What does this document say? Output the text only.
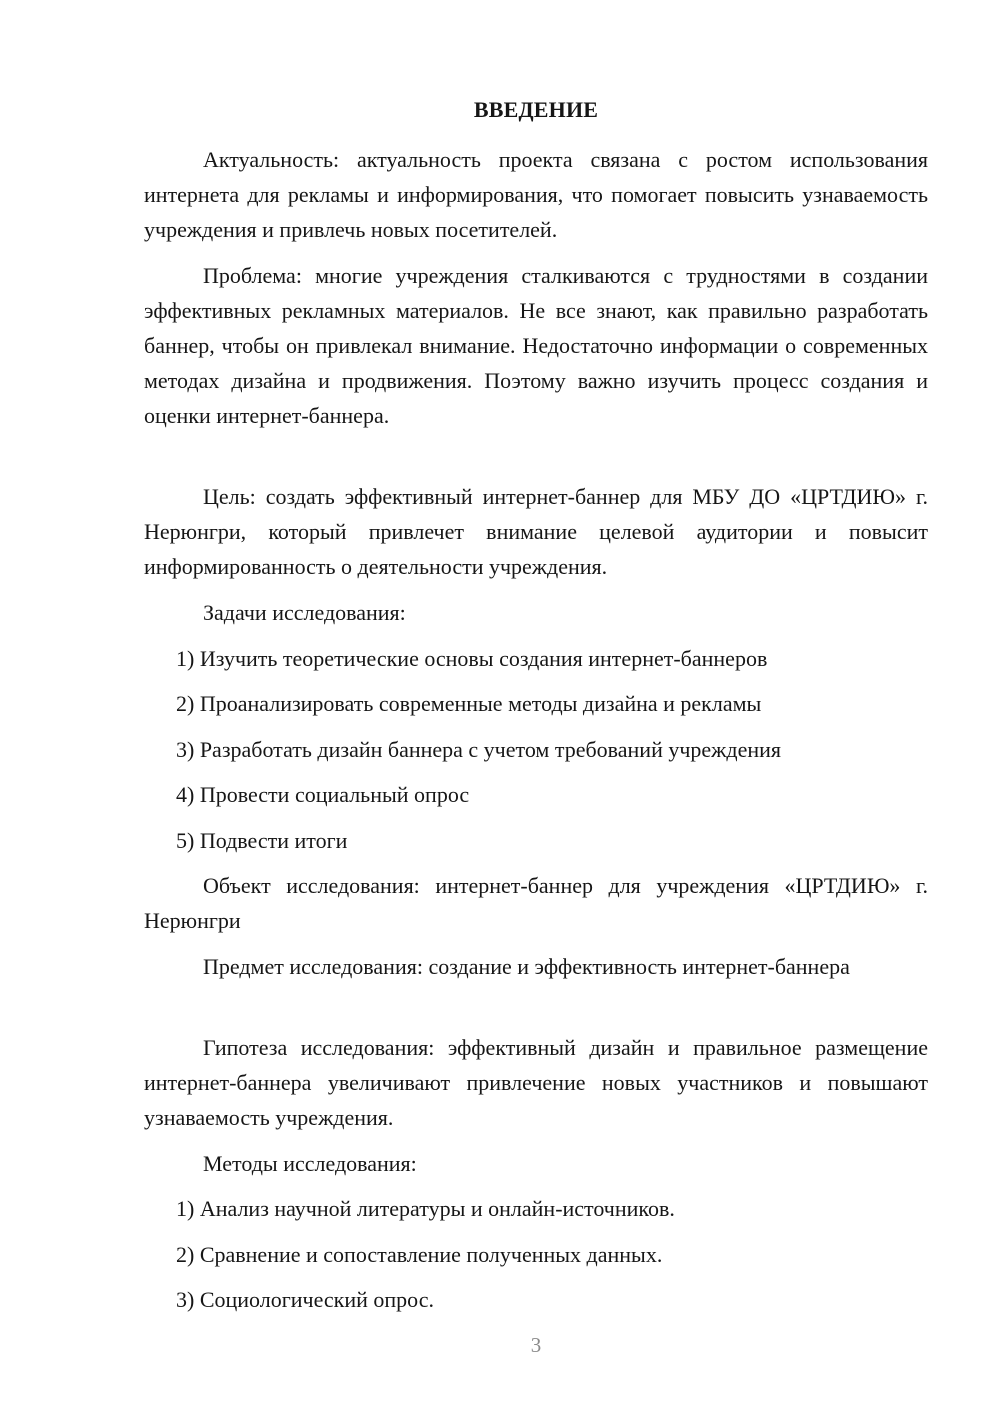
ВВЕДЕНИЕ

Актуальность: актуальность проекта связана с ростом использования интернета для рекламы и информирования, что помогает повысить узнаваемость учреждения и привлечь новых посетителей.

Проблема: многие учреждения сталкиваются с трудностями в создании эффективных рекламных материалов. Не все знают, как правильно разработать баннер, чтобы он привлекал внимание. Недостаточно информации о современных методах дизайна и продвижения. Поэтому важно изучить процесс создания и оценки интернет-баннера.

Цель: создать эффективный интернет-баннер для МБУ ДО «ЦРТДИЮ» г. Нерюнгри, который привлечет внимание целевой аудитории и повысит информированность о деятельности учреждения.

Задачи исследования:

1) Изучить теоретические основы создания интернет-баннеров

2) Проанализировать современные методы дизайна и рекламы

3) Разработать дизайн баннера с учетом требований учреждения

4) Провести социальный опрос

5) Подвести итоги

Объект исследования: интернет-баннер для учреждения «ЦРТДИЮ» г. Нерюнгри

Предмет исследования: создание и эффективность интернет-баннера

Гипотеза исследования: эффективный дизайн и правильное размещение интернет-баннера увеличивают привлечение новых участников и повышают узнаваемость учреждения.

Методы исследования:

1) Анализ научной литературы и онлайн-источников.

2) Сравнение и сопоставление полученных данных.

3) Социологический опрос.

3
